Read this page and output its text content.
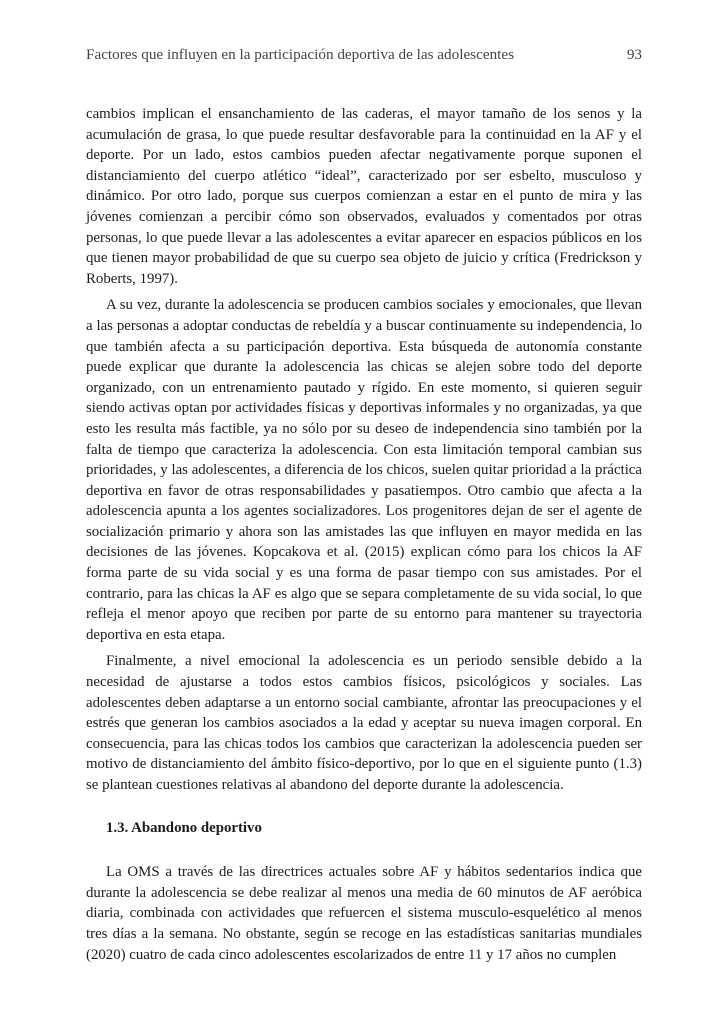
Factores que influyen en la participación deportiva de las adolescentes	93

cambios implican el ensanchamiento de las caderas, el mayor tamaño de los senos y la acumulación de grasa, lo que puede resultar desfavorable para la continuidad en la AF y el deporte. Por un lado, estos cambios pueden afectar negativamente porque suponen el distanciamiento del cuerpo atlético “ideal”, caracterizado por ser esbelto, musculoso y dinámico. Por otro lado, porque sus cuerpos comienzan a estar en el punto de mira y las jóvenes comienzan a percibir cómo son observados, evaluados y comentados por otras personas, lo que puede llevar a las adolescentes a evitar aparecer en espacios públicos en los que tienen mayor probabilidad de que su cuerpo sea objeto de juicio y crítica (Fredrickson y Roberts, 1997).

A su vez, durante la adolescencia se producen cambios sociales y emocionales, que llevan a las personas a adoptar conductas de rebeldía y a buscar continuamente su independencia, lo que también afecta a su participación deportiva. Esta búsqueda de autonomía constante puede explicar que durante la adolescencia las chicas se alejen sobre todo del deporte organizado, con un entrenamiento pautado y rígido. En este momento, si quieren seguir siendo activas optan por actividades físicas y deportivas informales y no organizadas, ya que esto les resulta más factible, ya no sólo por su deseo de independencia sino también por la falta de tiempo que caracteriza la adolescencia. Con esta limitación temporal cambian sus prioridades, y las adolescentes, a diferencia de los chicos, suelen quitar prioridad a la práctica deportiva en favor de otras responsabilidades y pasatiempos. Otro cambio que afecta a la adolescencia apunta a los agentes socializadores. Los progenitores dejan de ser el agente de socialización primario y ahora son las amistades las que influyen en mayor medida en las decisiones de las jóvenes. Kopcakova et al. (2015) explican cómo para los chicos la AF forma parte de su vida social y es una forma de pasar tiempo con sus amistades. Por el contrario, para las chicas la AF es algo que se separa completamente de su vida social, lo que refleja el menor apoyo que reciben por parte de su entorno para mantener su trayectoria deportiva en esta etapa.

Finalmente, a nivel emocional la adolescencia es un periodo sensible debido a la necesidad de ajustarse a todos estos cambios físicos, psicológicos y sociales. Las adolescentes deben adaptarse a un entorno social cambiante, afrontar las preocupaciones y el estrés que generan los cambios asociados a la edad y aceptar su nueva imagen corporal. En consecuencia, para las chicas todos los cambios que caracterizan la adolescencia pueden ser motivo de distanciamiento del ámbito físico-deportivo, por lo que en el siguiente punto (1.3) se plantean cuestiones relativas al abandono del deporte durante la adolescencia.

1.3. Abandono deportivo

La OMS a través de las directrices actuales sobre AF y hábitos sedentarios indica que durante la adolescencia se debe realizar al menos una media de 60 minutos de AF aeróbica diaria, combinada con actividades que refuercen el sistema musculo-esquelético al menos tres días a la semana. No obstante, según se recoge en las estadísticas sanitarias mundiales (2020) cuatro de cada cinco adolescentes escolarizados de entre 11 y 17 años no cumplen
